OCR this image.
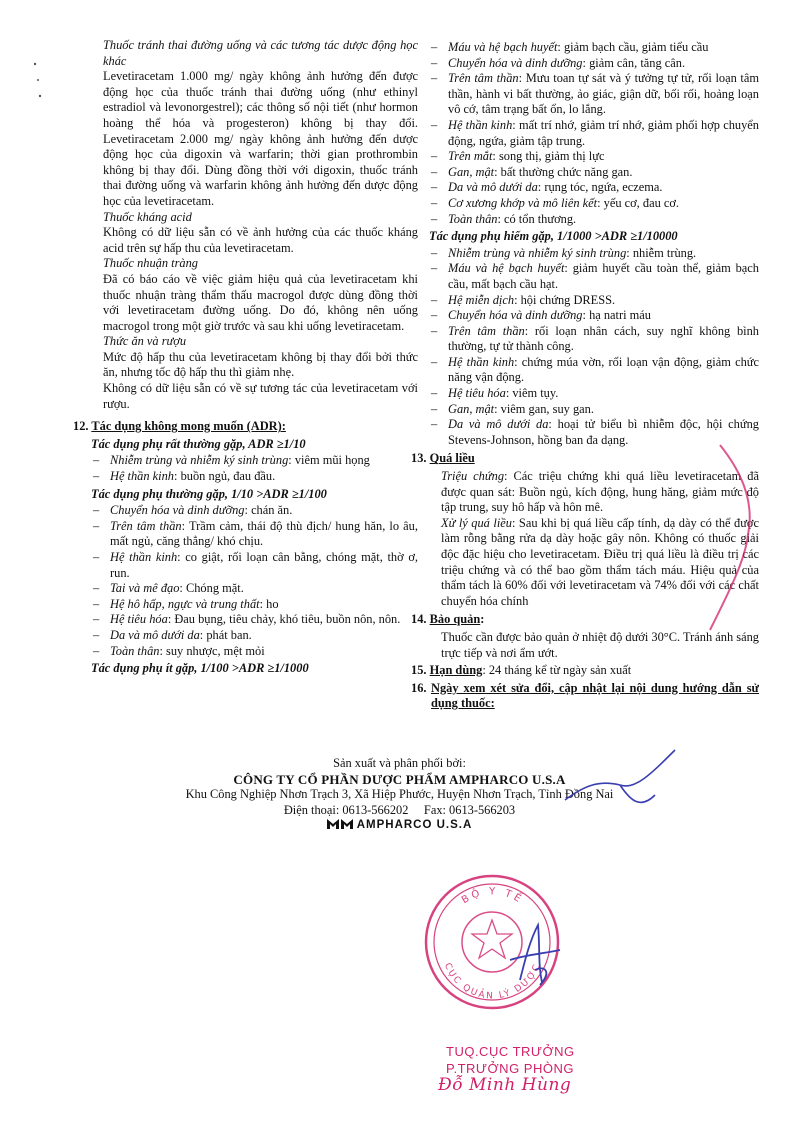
Thuốc tránh thai đường uống và các tương tác dược động học khác

Levetiracetam 1.000 mg/ ngày không ảnh hưởng đến được động học của thuốc tránh thai đường uống (như ethinyl estradiol và levonorgestrel); các thông số nội tiết (như hormon hoàng thể hóa và progesteron) không bị thay đổi. Levetiracetam 2.000 mg/ ngày không ảnh hưởng đến dược động học của digoxin và warfarin; thời gian prothrombin không bị thay đổi. Dùng đồng thời với digoxin, thuốc tránh thai đường uống và warfarin không ảnh hưởng đến dược động học của levetiracetam.

Thuốc kháng acid

Không có dữ liệu sẵn có về ảnh hưởng của các thuốc kháng acid trên sự hấp thu của levetiracetam.

Thuốc nhuận tràng

Đã có báo cáo về việc giảm hiệu quả của levetiracetam khi thuốc nhuận tràng thẩm thấu macrogol được dùng đồng thời với levetiracetam đường uống. Do đó, không nên uống macrogol trong một giờ trước và sau khi uống levetiracetam.

Thức ăn và rượu

Mức độ hấp thu của levetiracetam không bị thay đổi bởi thức ăn, nhưng tốc độ hấp thu thì giảm nhẹ.

Không có dữ liệu sẵn có về sự tương tác của levetiracetam với rượu.

12. Tác dụng không mong muốn (ADR):

Tác dụng phụ rất thường gặp, ADR ≥1/10

– Nhiễm trùng và nhiễm ký sinh trùng: viêm mũi họng

– Hệ thần kinh: buồn ngủ, đau đầu.

Tác dụng phụ thường gặp, 1/10 >ADR ≥1/100

– Chuyển hóa và dinh dưỡng: chán ăn.

– Trên tâm thần: Trầm cảm, thái độ thù địch/ hung hăn, lo âu, mất ngủ, căng thẳng/ khó chịu.

– Hệ thần kinh: co giật, rối loạn cân bằng, chóng mặt, thờ ơ, run.

– Tai và mê đạo: Chóng mặt.

– Hệ hô hấp, ngực và trung thất: ho

– Hệ tiêu hóa: Đau bụng, tiêu chảy, khó tiêu, buồn nôn, nôn.

– Da và mô dưới da: phát ban.

– Toàn thân: suy nhược, mệt mỏi

Tác dụng phụ ít gặp, 1/100 >ADR ≥1/1000

– Máu và hệ bạch huyết: giảm bạch cầu, giảm tiểu cầu

– Chuyển hóa và dinh dưỡng: giảm cân, tăng cân.

– Trên tâm thần: Mưu toan tự sát và ý tưởng tự tử, rối loạn tâm thần, hành vi bất thường, ảo giác, giận dữ, bối rối, hoảng loạn vô cớ, tâm trạng bất ổn, lo lắng.

– Hệ thần kinh: mất trí nhớ, giảm trí nhớ, giảm phối hợp chuyển động, ngứa, giảm tập trung.

– Trên mắt: song thị, giảm thị lực

– Gan, mật: bất thường chức năng gan.

– Da và mô dưới da: rụng tóc, ngứa, eczema.

– Cơ xương khớp và mô liên kết: yếu cơ, đau cơ.

– Toàn thân: có tổn thương.

Tác dụng phụ hiếm gặp, 1/1000 >ADR ≥1/10000

– Nhiễm trùng và nhiễm ký sinh trùng: nhiễm trùng.

– Máu và hệ bạch huyết: giảm huyết cầu toàn thể, giảm bạch cầu, mất bạch cầu hạt.

– Hệ miễn dịch: hội chứng DRESS.

– Chuyển hóa và dinh dưỡng: hạ natri máu

– Trên tâm thần: rối loạn nhân cách, suy nghĩ không bình thường, tự tử thành công.

– Hệ thần kinh: chứng múa vờn, rối loạn vận động, giảm chức năng vận động.

– Hệ tiêu hóa: viêm tụy.

– Gan, mật: viêm gan, suy gan.

– Da và mô dưới da: hoại tử biểu bì nhiễm độc, hội chứng Stevens-Johnson, hồng ban đa dạng.

13. Quá liều

Triệu chứng: Các triệu chứng khi quá liều levetiracetam đã được quan sát: Buồn ngủ, kích động, hung hăng, giảm mức độ tập trung, suy hô hấp và hôn mê.

Xử lý quá liều: Sau khi bị quá liều cấp tính, dạ dày có thể được làm rỗng bằng rửa dạ dày hoặc gây nôn. Không có thuốc giải độc đặc hiệu cho levetiracetam. Điều trị quá liều là điều trị các triệu chứng và có thể bao gồm thẩm tách máu. Hiệu quả của thẩm tách là 60% đối với levetiracetam và 74% đối với các chất chuyển hóa chính

14. Bảo quản:

Thuốc cần được bảo quản ở nhiệt độ dưới 30°C. Tránh ánh sáng trực tiếp và nơi ẩm ướt.

15. Hạn dùng: 24 tháng kể từ ngày sản xuất

16. Ngày xem xét sửa đổi, cập nhật lại nội dung hướng dẫn sử dụng thuốc:

Sản xuất và phân phối bởi:
CÔNG TY CỔ PHẦN DƯỢC PHẨM AMPHARCO U.S.A
Khu Công Nghiệp Nhơn Trạch 3, Xã Hiệp Phước, Huyện Nhơn Trạch, Tỉnh Đồng Nai
Điện thoại: 0613-566202     Fax: 0613-566203
AMPHARCO U.S.A
BỘ Y TẾ
CỤC QUẢN LÝ DƯỢC
TUQ.CỤC TRƯỞNG
P.TRƯỞNG PHÒNG
Đỗ Minh Hùng
